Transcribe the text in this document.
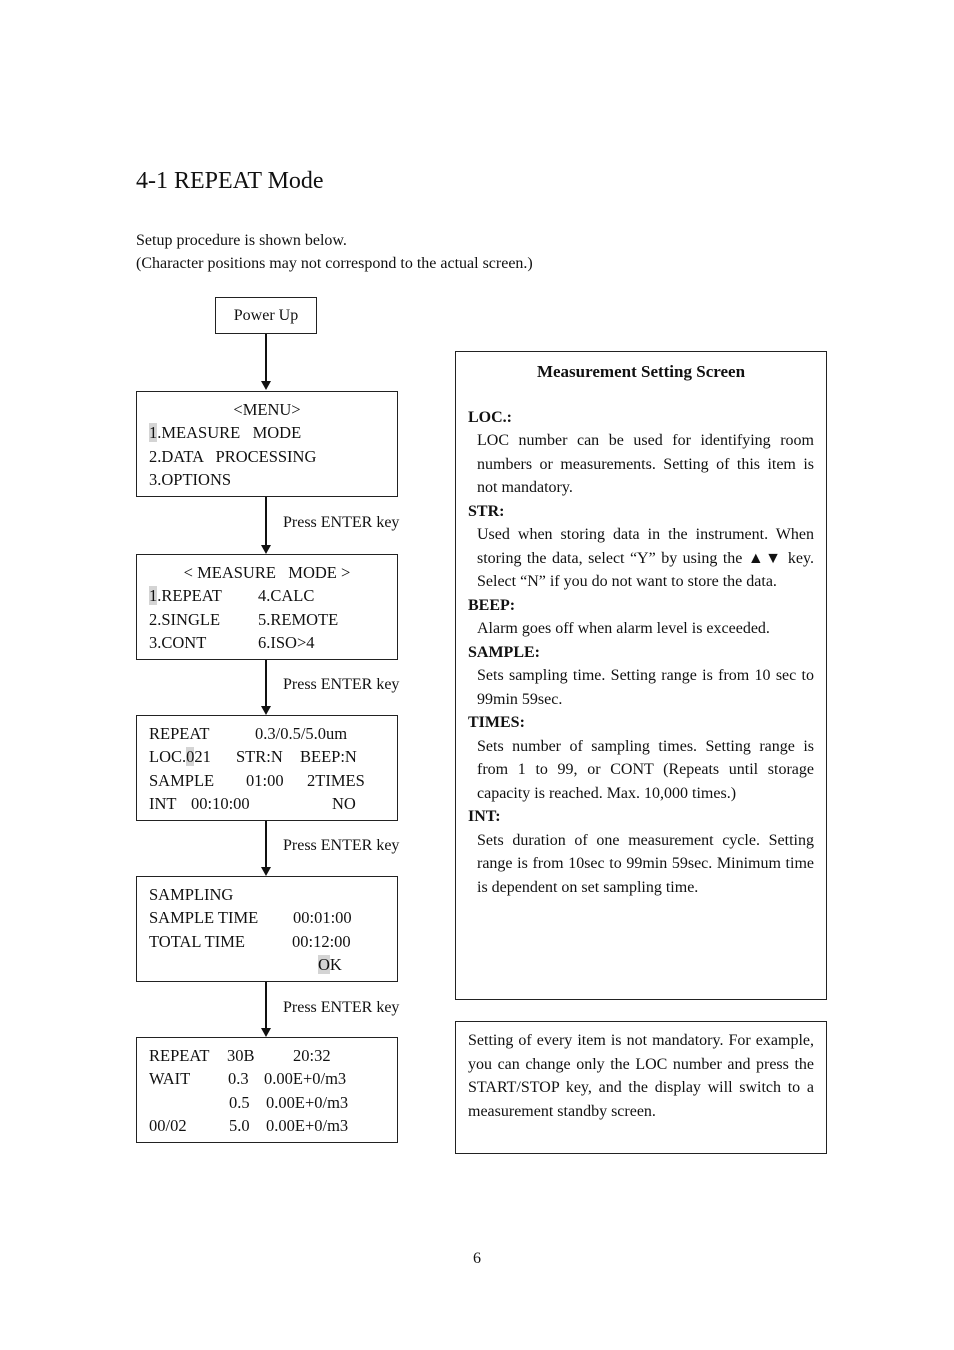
4-1 REPEAT Mode
Setup procedure is shown below.
(Character positions may not correspond to the actual screen.)
Power Up
<MENU>
1.MEASURE   MODE
2.DATA   PROCESSING
3.OPTIONS
Press ENTER key
< MEASURE   MODE >
1.REPEAT 4.CALC
2.SINGLE 5.REMOTE
3.CONT	6.ISO>4
Press ENTER key
REPEAT	0.3/0.5/5.0um
LOC.021 STR:N BEEP:N
SAMPLE 01:00 2TIMES
INT 00:10:00	NO
Press ENTER key
SAMPLING
SAMPLE TIME 00:01:00
TOTAL TIME	00:12:00
OK
Press ENTER key
REPEAT 30B 20:32
WAIT 0.3 0.00E+0/m3
0.5 0.00E+0/m3
00/02	5.0 0.00E+0/m3
Measurement Setting Screen
LOC.:
LOC number can be used for identifying room numbers or measurements. Setting of this item is not mandatory.
STR:
Used when storing data in the instrument. When storing the data, select “Y” by using the ▲▼ key. Select “N” if you do not want to store the data.
BEEP:
Alarm goes off when alarm level is exceeded.
SAMPLE:
Sets sampling time. Setting range is from 10 sec to 99min 59sec.
TIMES:
Sets number of sampling times. Setting range is from 1 to 99, or CONT (Repeats until storage capacity is reached. Max. 10,000 times.)
INT:
Sets duration of one measurement cycle. Setting range is from 10sec to 99min 59sec. Minimum time is dependent on set sampling time.
Setting of every item is not mandatory. For example, you can change only the LOC number and press the START/STOP key, and the display will switch to a measurement standby screen.
6
